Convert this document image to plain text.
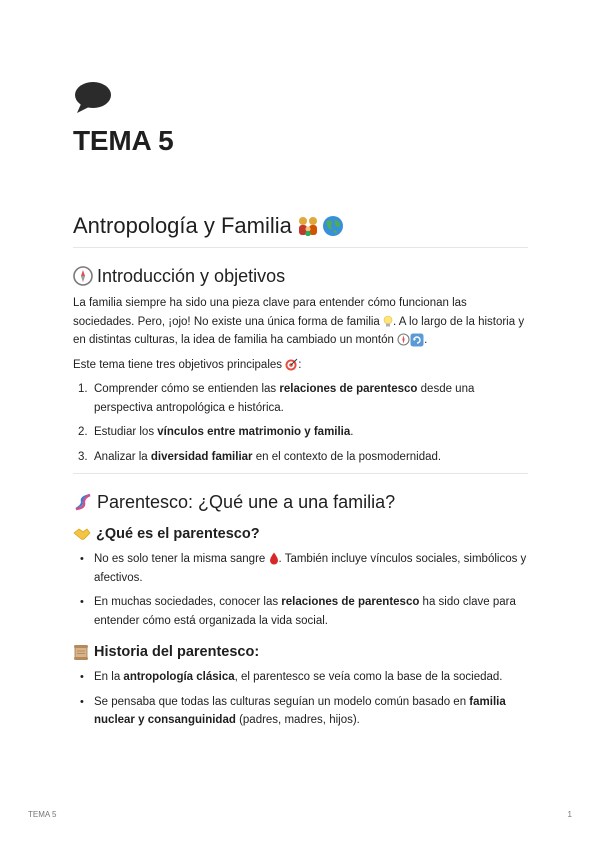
TEMA 5
Antropología y Familia
Introducción y objetivos

La familia siempre ha sido una pieza clave para entender cómo funcionan las sociedades. Pero, ¡ojo! No existe una única forma de familia . A lo largo de la historia y en distintas culturas, la idea de familia ha cambiado un montón	.

Este tema tiene tres objetivos principales :

1. Comprender cómo se entienden las relaciones de parentesco desde una perspectiva antropológica e histórica.
2. Estudiar los vínculos entre matrimonio y familia.
3. Analizar la diversidad familiar en el contexto de la posmodernidad.
Parentesco: ¿Qué une a una familia?
¿Qué es el parentesco?
• No es solo tener la misma sangre . También incluye vínculos sociales, simbólicos y afectivos.
• En muchas sociedades, conocer las relaciones de parentesco ha sido clave para entender cómo está organizada la vida social.
Historia del parentesco:
• En la antropología clásica, el parentesco se veía como la base de la sociedad.
• Se pensaba que todas las culturas seguían un modelo común basado en familia nuclear y consanguinidad (padres, madres, hijos).
TEMA 5	1
